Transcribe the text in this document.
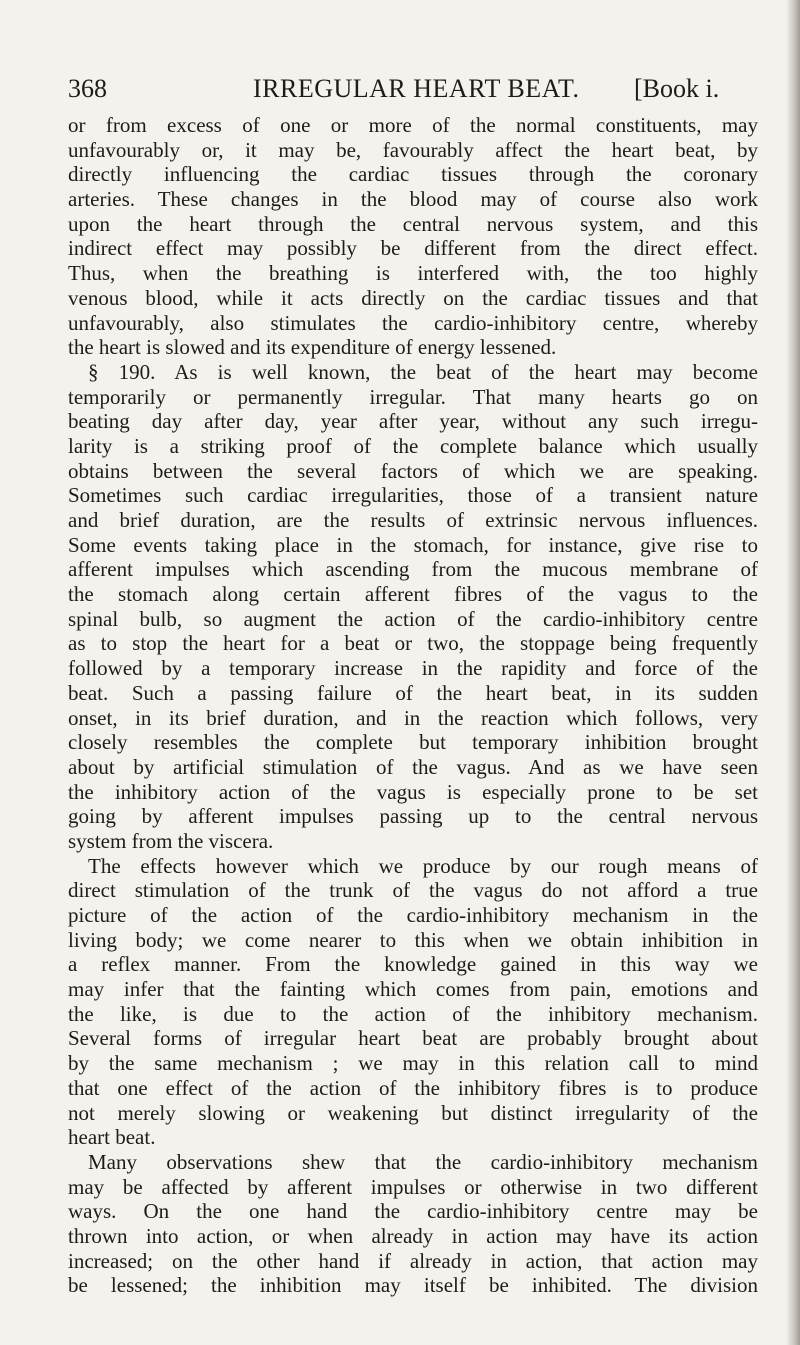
368	IRREGULAR HEART BEAT. [Book i.
or from excess of one or more of the normal constituents, may
unfavourably or, it may be, favourably affect the heart beat, by
directly influencing the cardiac tissues through the coronary
arteries. These changes in the blood may of course also work
upon the heart through the central nervous system, and this
indirect effect may possibly be different from the direct effect.
Thus, when the breathing is interfered with, the too highly
venous blood, while it acts directly on the cardiac tissues and that
unfavourably, also stimulates the cardio-inhibitory centre, whereby
the heart is slowed and its expenditure of energy lessened.
§ 190. As is well known, the beat of the heart may become
temporarily or permanently irregular. That many hearts go on
beating day after day, year after year, without any such irregu-
larity is a striking proof of the complete balance which usually
obtains between the several factors of which we are speaking.
Sometimes such cardiac irregularities, those of a transient nature
and brief duration, are the results of extrinsic nervous influences.
Some events taking place in the stomach, for instance, give rise to
afferent impulses which ascending from the mucous membrane of
the stomach along certain afferent fibres of the vagus to the
spinal bulb, so augment the action of the cardio-inhibitory centre
as to stop the heart for a beat or two, the stoppage being frequently
followed by a temporary increase in the rapidity and force of the
beat. Such a passing failure of the heart beat, in its sudden
onset, in its brief duration, and in the reaction which follows, very
closely resembles the complete but temporary inhibition brought
about by artificial stimulation of the vagus. And as we have seen
the inhibitory action of the vagus is especially prone to be set
going by afferent impulses passing up to the central nervous
system from the viscera.
The effects however which we produce by our rough means of
direct stimulation of the trunk of the vagus do not afford a true
picture of the action of the cardio-inhibitory mechanism in the
living body; we come nearer to this when we obtain inhibition in
a reflex manner. From the knowledge gained in this way we
may infer that the fainting which comes from pain, emotions and
the like, is due to the action of the inhibitory mechanism.
Several forms of irregular heart beat are probably brought about
by the same mechanism ; we may in this relation call to mind
that one effect of the action of the inhibitory fibres is to produce
not merely slowing or weakening but distinct irregularity of the
heart beat.
Many observations shew that the cardio-inhibitory mechanism
may be affected by afferent impulses or otherwise in two different
ways. On the one hand the cardio-inhibitory centre may be
thrown into action, or when already in action may have its action
increased; on the other hand if already in action, that action may
be lessened; the inhibition may itself be inhibited. The division
